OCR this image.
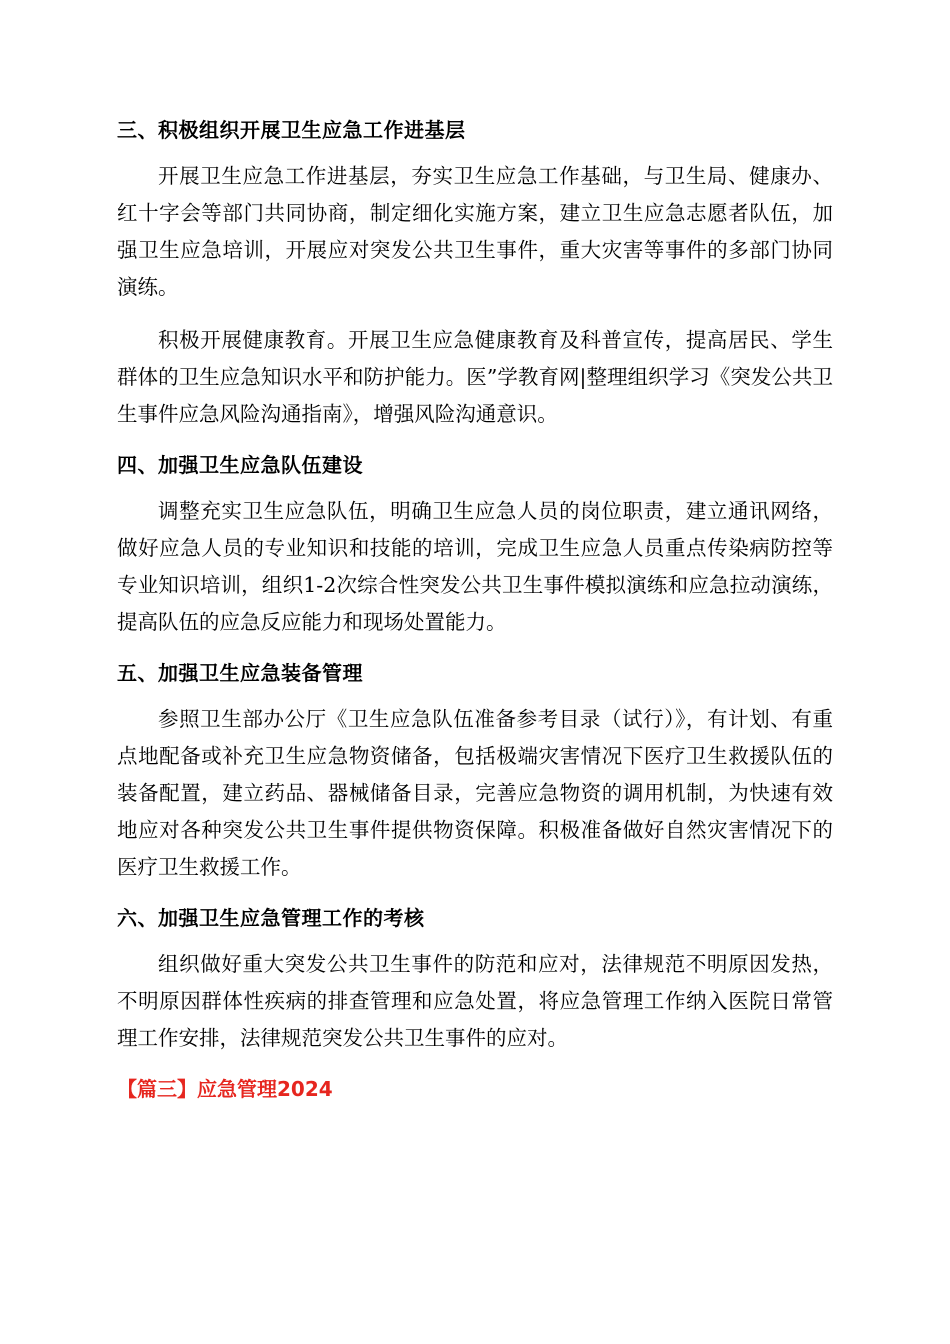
三、积极组织开展卫生应急工作进基层

开展卫生应急工作进基层，夯实卫生应急工作基础，与卫生局、健康办、红十字会等部门共同协商，制定细化实施方案，建立卫生应急志愿者队伍，加强卫生应急培训，开展应对突发公共卫生事件，重大灾害等事件的多部门协同演练。

积极开展健康教育。开展卫生应急健康教育及科普宣传，提高居民、学生群体的卫生应急知识水平和防护能力。医”学教育网|整理组织学习《突发公共卫生事件应急风险沟通指南》，增强风险沟通意识。

四、加强卫生应急队伍建设

调整充实卫生应急队伍，明确卫生应急人员的岗位职责，建立通讯网络，做好应急人员的专业知识和技能的培训，完成卫生应急人员重点传染病防控等专业知识培训，组织1-2次综合性突发公共卫生事件模拟演练和应急拉动演练，提高队伍的应急反应能力和现场处置能力。

五、加强卫生应急装备管理

参照卫生部办公厅《卫生应急队伍准备参考目录（试行）》，有计划、有重点地配备或补充卫生应急物资储备，包括极端灾害情况下医疗卫生救援队伍的装备配置，建立药品、器械储备目录，完善应急物资的调用机制，为快速有效地应对各种突发公共卫生事件提供物资保障。积极准备做好自然灾害情况下的医疗卫生救援工作。

六、加强卫生应急管理工作的考核

组织做好重大突发公共卫生事件的防范和应对，法律规范不明原因发热，不明原因群体性疾病的排查管理和应急处置，将应急管理工作纳入医院日常管理工作安排，法律规范突发公共卫生事件的应对。

【篇三】应急管理2024
